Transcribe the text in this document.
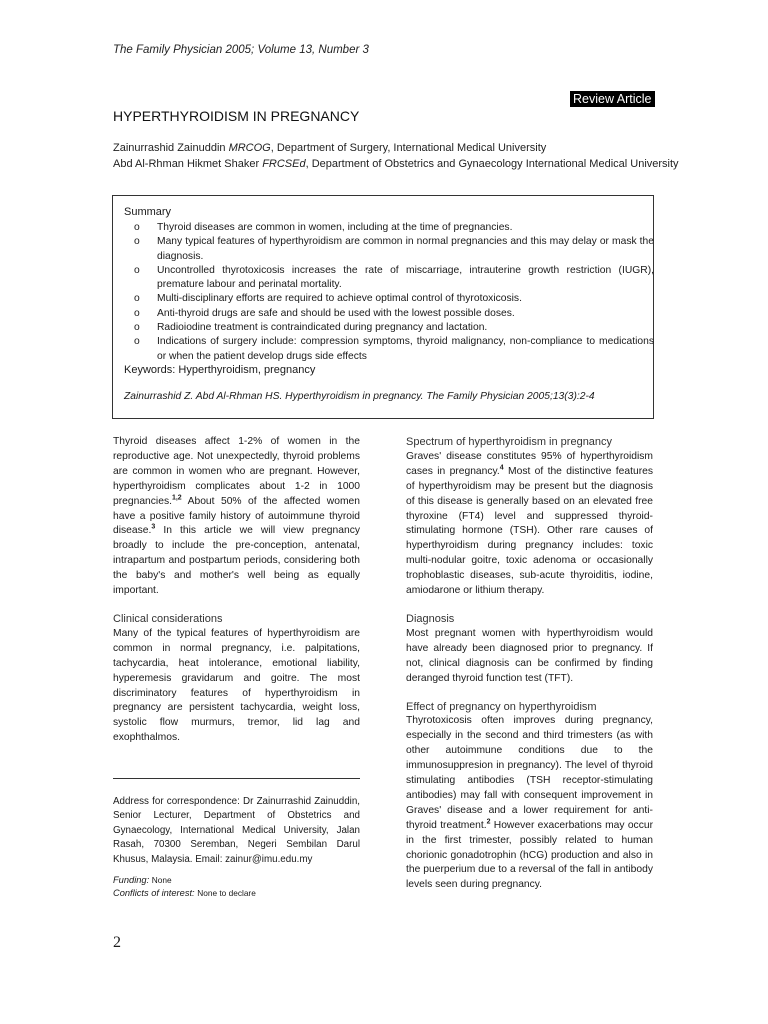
The Family Physician 2005; Volume 13, Number 3
Review Article
HYPERTHYROIDISM IN PREGNANCY
Zainurrashid Zainuddin MRCOG, Department of Surgery, International Medical University
Abd Al-Rhman Hikmet Shaker FRCSEd, Department of Obstetrics and Gynaecology International Medical University
Summary
o Thyroid diseases are common in women, including at the time of pregnancies.
o Many typical features of hyperthyroidism are common in normal pregnancies and this may delay or mask the diagnosis.
o Uncontrolled thyrotoxicosis increases the rate of miscarriage, intrauterine growth restriction (IUGR), premature labour and perinatal mortality.
o Multi-disciplinary efforts are required to achieve optimal control of thyrotoxicosis.
o Anti-thyroid drugs are safe and should be used with the lowest possible doses.
o Radioiodine treatment is contraindicated during pregnancy and lactation.
o Indications of surgery include: compression symptoms, thyroid malignancy, non-compliance to medications or when the patient develop drugs side effects
Keywords: Hyperthyroidism, pregnancy
Zainurrashid Z. Abd Al-Rhman HS. Hyperthyroidism in pregnancy. The Family Physician 2005;13(3):2-4

Thyroid diseases affect 1-2% of women in the reproductive age. Not unexpectedly, thyroid problems are common in women who are pregnant. However, hyperthyroidism complicates about 1-2 in 1000 pregnancies.$^{1,2}$ About 50% of the affected women have a positive family history of autoimmune thyroid disease.$^3$ In this article we will view pregnancy broadly to include the pre-conception, antenatal, intrapartum and postpartum periods, considering both the baby's and mother's well being as equally important.

Clinical considerations

Many of the typical features of hyperthyroidism are common in normal pregnancy, i.e. palpitations, tachycardia, heat intolerance, emotional liability, hyperemesis gravidarum and goitre. The most discriminatory features of hyperthyroidism in pregnancy are persistent tachycardia, weight loss, systolic flow murmurs, tremor, lid lag and exophthalmos.

Spectrum of hyperthyroidism in pregnancy

Graves' disease constitutes 95% of hyperthyroidism cases in pregnancy.$^4$ Most of the distinctive features of hyperthyroidism may be present but the diagnosis of this disease is generally based on an elevated free thyroxine (FT4) level and suppressed thyroid-stimulating hormone (TSH). Other rare causes of hyperthyroidism during pregnancy includes: toxic multi-nodular goitre, toxic adenoma or occasionally trophoblastic diseases, sub-acute thyroiditis, iodine, amiodarone or lithium therapy.

Diagnosis

Most pregnant women with hyperthyroidism would have already been diagnosed prior to pregnancy. If not, clinical diagnosis can be confirmed by finding deranged thyroid function test (TFT).

Effect of pregnancy on hyperthyroidism

Thyrotoxicosis often improves during pregnancy, especially in the second and third trimesters (as with other autoimmune conditions due to the immunosuppresion in pregnancy). The level of thyroid stimulating antibodies (TSH receptor-stimulating antibodies) may fall with consequent improvement in Graves' disease and a lower requirement for anti-thyroid treatment.$^2$ However exacerbations may occur in the first trimester, possibly related to human chorionic gonadotrophin (hCG) production and also in the puerperium due to a reversal of the fall in antibody levels seen during pregnancy.

Address for correspondence: Dr Zainurrashid Zainuddin, Senior Lecturer, Department of Obstetrics and Gynaecology, International Medical University, Jalan Rasah, 70300 Seremban, Negeri Sembilan Darul Khusus, Malaysia. Email: zainur@imu.edu.my
Funding: None
Conflicts of interest: None to declare
2
